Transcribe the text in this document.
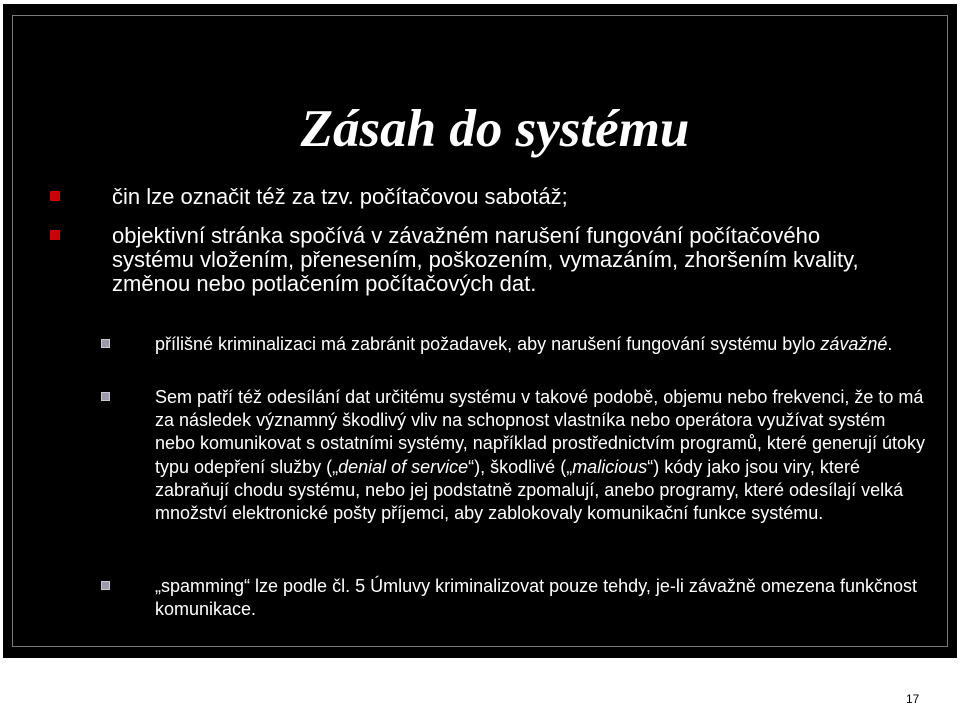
Zásah do systému
čin lze označit též za tzv. počítačovou sabotáž;
objektivní stránka spočívá v závažném narušení fungování počítačového systému vložením, přenesením, poškozením, vymazáním, zhoršením kvality, změnou nebo potlačením počítačových dat.
přílišné kriminalizaci má zabránit požadavek, aby narušení fungování systému bylo závažné.
Sem patří též odesílání dat určitému systému v takové podobě, objemu nebo frekvenci, že to má za následek významný škodlivý vliv na schopnost vlastníka nebo operátora využívat systém nebo komunikovat s ostatními systémy, například prostřednictvím programů, které generují útoky typu odepření služby („denial of service“), škodlivé („malicious“) kódy jako jsou viry, které zabraňují chodu systému, nebo jej podstatně zpomalují, anebo programy, které odesílají velká množství elektronické pošty příjemci, aby zablokovaly komunikační funkce systému.
„spamming“ lze podle čl. 5 Úmluvy kriminalizovat pouze tehdy, je-li závažně omezena funkčnost komunikace.
17
